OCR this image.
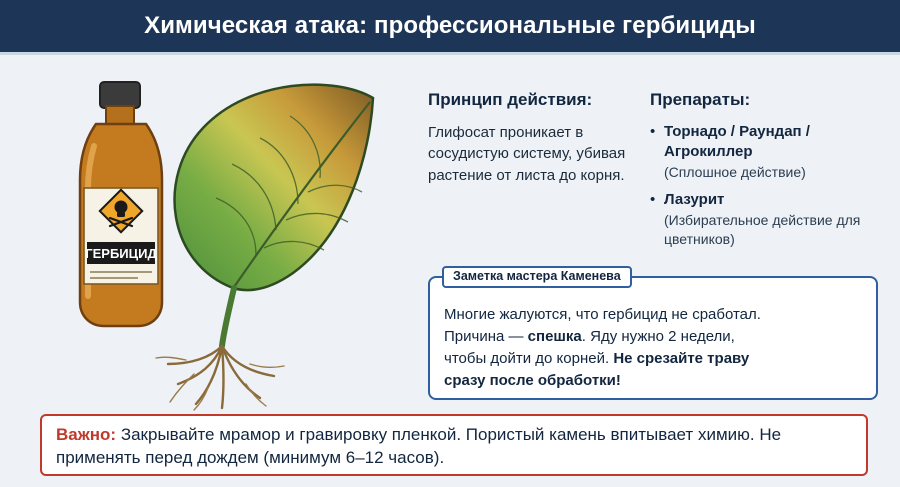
Химическая атака: профессиональные гербициды
ГЕРБИЦИД
Принцип действия:
Глифосат проникает в сосудистую систему, убивая растение от листа до корня.
Препараты:
• Торнадо / Раундап / Агрокиллер
(Сплошное действие)
• Лазурит
(Избирательное действие для цветников)
Заметка мастера Каменева
Многие жалуются, что гербицид не сработал.
Причина — спешка. Яду нужно 2 недели,
чтобы дойти до корней. Не срезайте траву
сразу после обработки!
Важно: Закрывайте мрамор и гравировку пленкой. Пористый камень впитывает химию. Не применять перед дождем (минимум 6–12 часов).
